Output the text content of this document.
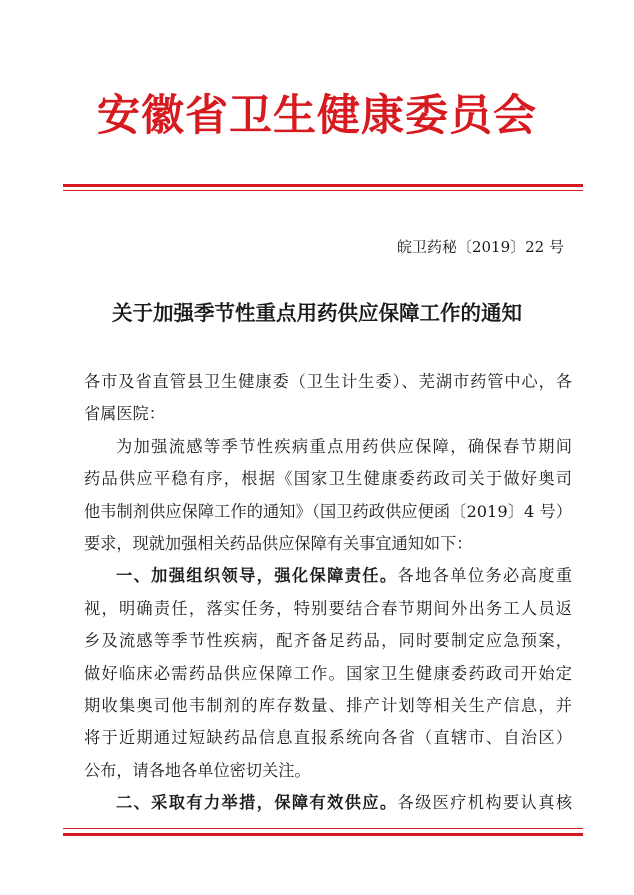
安徽省卫生健康委员会
皖卫药秘〔2019〕22 号
关于加强季节性重点用药供应保障工作的通知
各市及省直管县卫生健康委（卫生计生委）、芜湖市药管中心，各
省属医院：
为加强流感等季节性疾病重点用药供应保障，确保春节期间
药品供应平稳有序，根据《国家卫生健康委药政司关于做好奥司
他韦制剂供应保障工作的通知》（国卫药政供应便函〔2019〕4 号）
要求，现就加强相关药品供应保障有关事宜通知如下：
一、加强组织领导，强化保障责任。各地各单位务必高度重
视，明确责任，落实任务，特别要结合春节期间外出务工人员返
乡及流感等季节性疾病，配齐备足药品，同时要制定应急预案，
做好临床必需药品供应保障工作。国家卫生健康委药政司开始定
期收集奥司他韦制剂的库存数量、排产计划等相关生产信息，并
将于近期通过短缺药品信息直报系统向各省（直辖市、自治区）
公布，请各地各单位密切关注。
二、采取有力举措，保障有效供应。各级医疗机构要认真核
